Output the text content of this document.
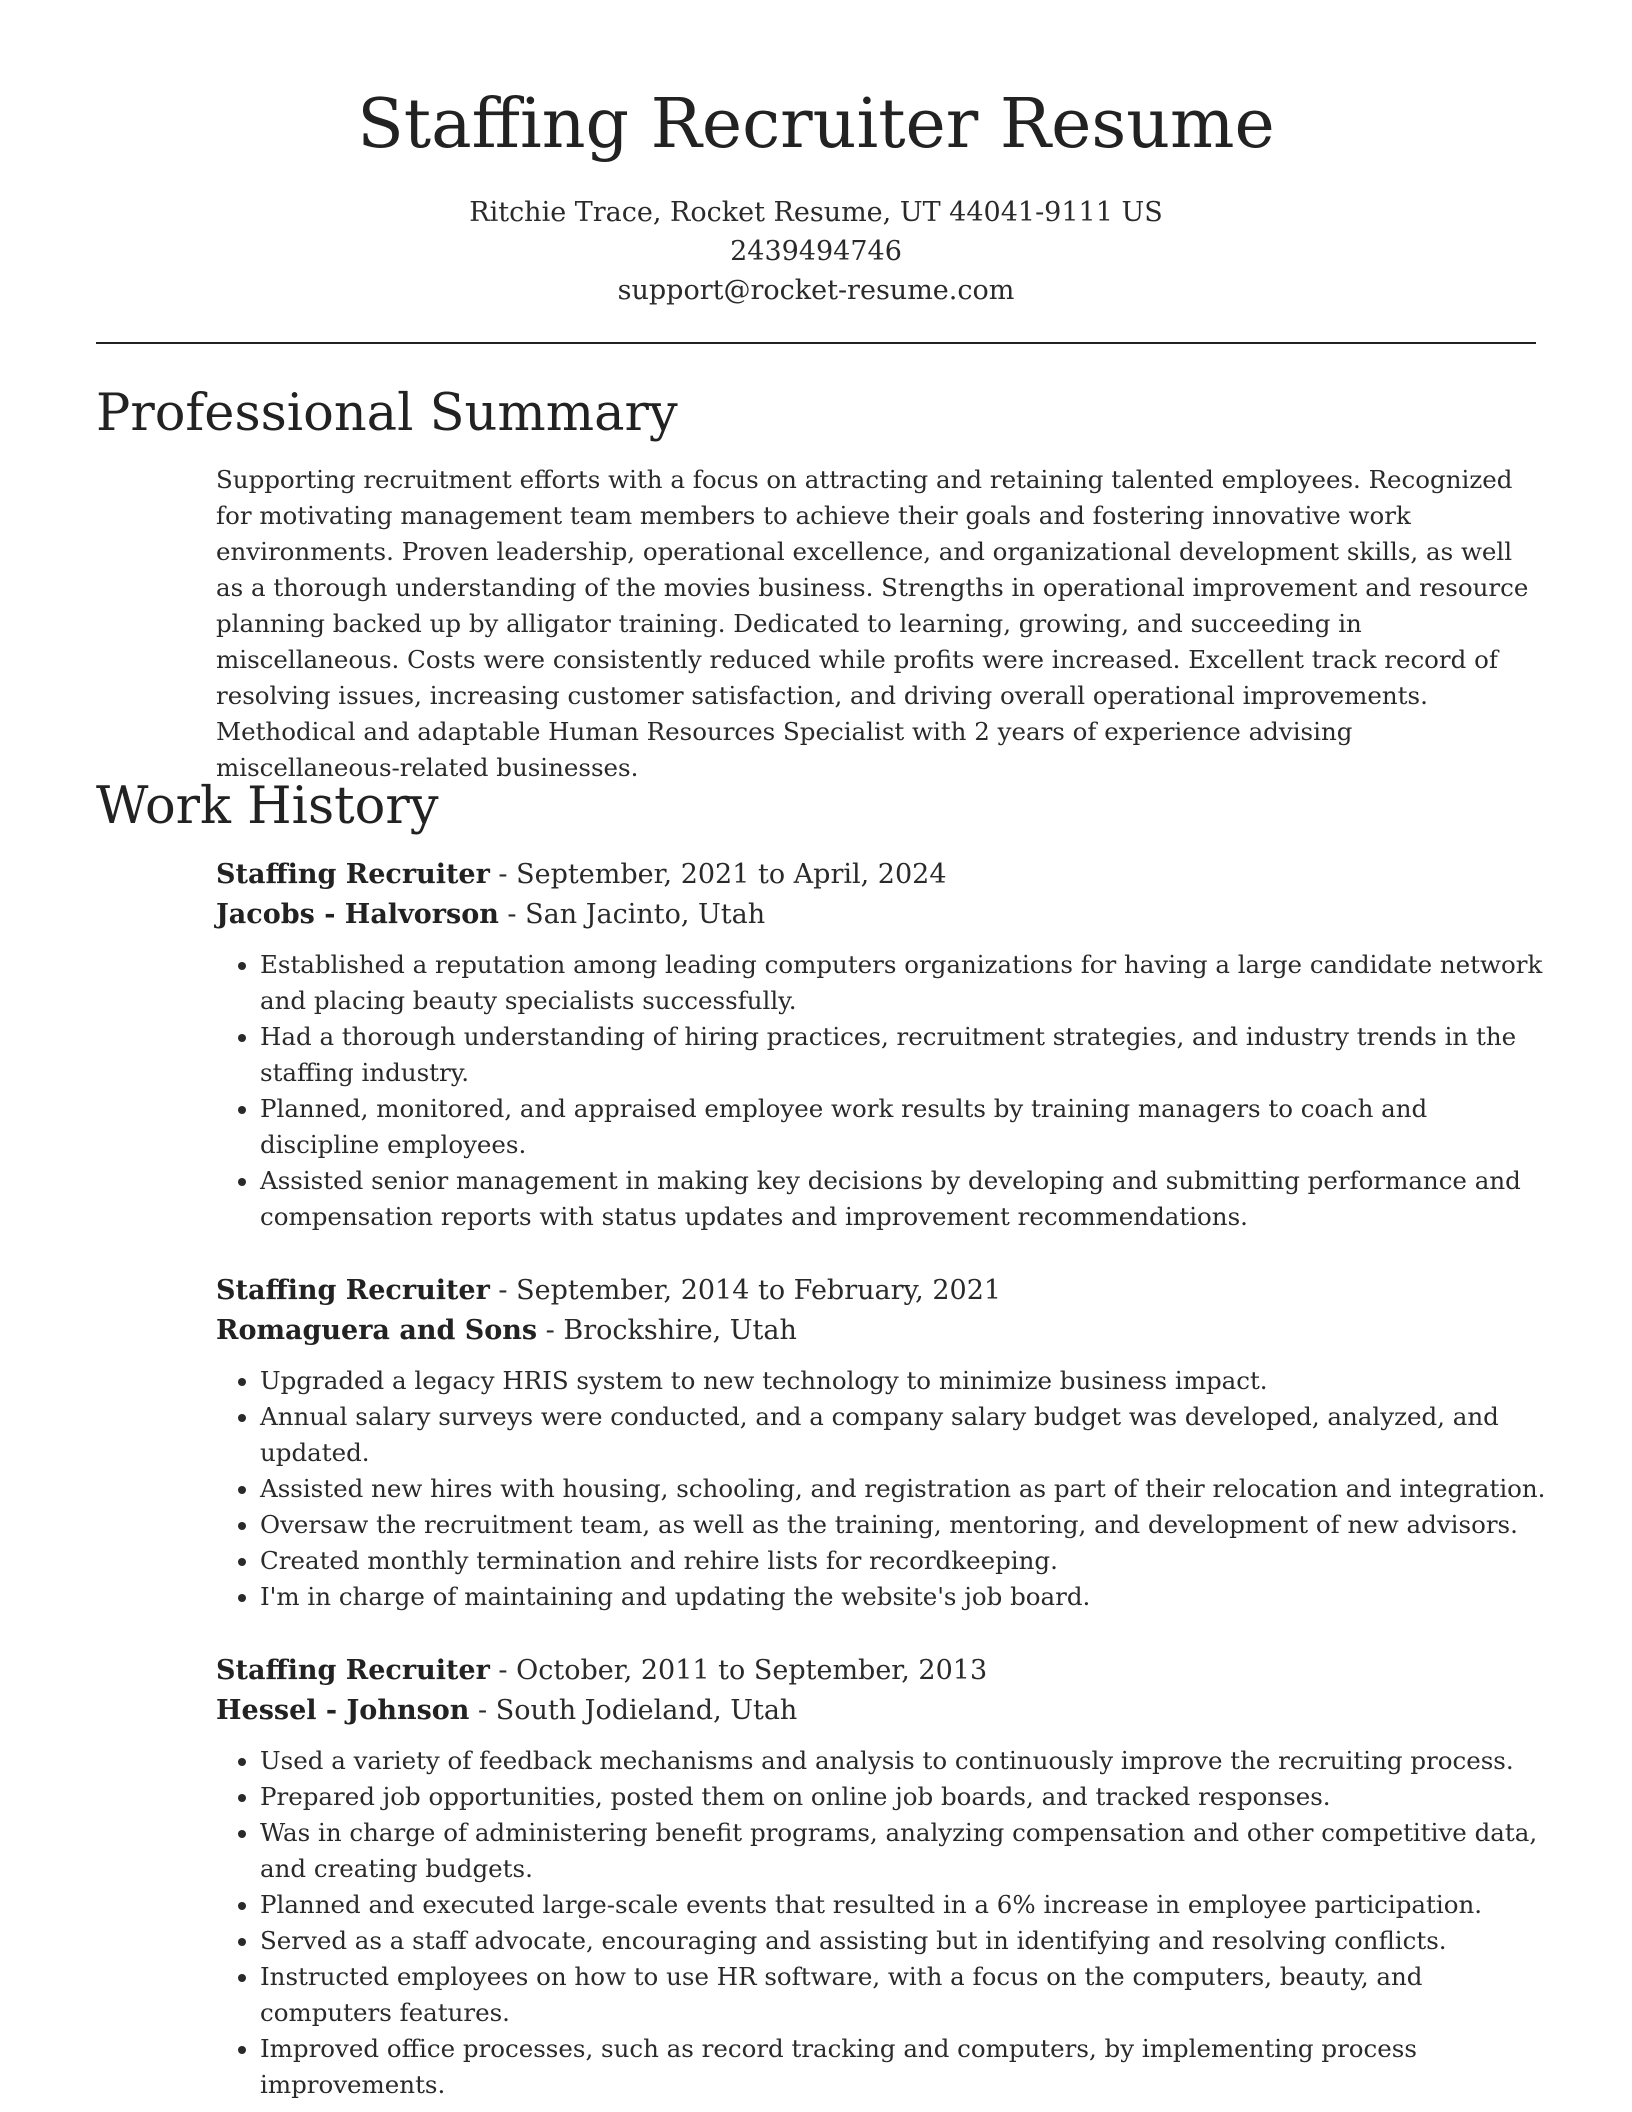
Staffing Recruiter Resume
Ritchie Trace, Rocket Resume, UT 44041-9111 US
2439494746
support@rocket-resume.com
Professional Summary

Supporting recruitment efforts with a focus on attracting and retaining talented employees. Recognized for motivating management team members to achieve their goals and fostering innovative work environments. Proven leadership, operational excellence, and organizational development skills, as well as a thorough understanding of the movies business. Strengths in operational improvement and resource planning backed up by alligator training. Dedicated to learning, growing, and succeeding in miscellaneous. Costs were consistently reduced while profits were increased. Excellent track record of resolving issues, increasing customer satisfaction, and driving overall operational improvements. Methodical and adaptable Human Resources Specialist with 2 years of experience advising miscellaneous-related businesses.

Work History
Staffing Recruiter - September, 2021 to April, 2024
Jacobs - Halvorson - San Jacinto, Utah
• Established a reputation among leading computers organizations for having a large candidate network and placing beauty specialists successfully.
• Had a thorough understanding of hiring practices, recruitment strategies, and industry trends in the staffing industry.
• Planned, monitored, and appraised employee work results by training managers to coach and discipline employees.
• Assisted senior management in making key decisions by developing and submitting performance and compensation reports with status updates and improvement recommendations.
Staffing Recruiter - September, 2014 to February, 2021
Romaguera and Sons - Brockshire, Utah
• Upgraded a legacy HRIS system to new technology to minimize business impact.
• Annual salary surveys were conducted, and a company salary budget was developed, analyzed, and updated.
• Assisted new hires with housing, schooling, and registration as part of their relocation and integration.
• Oversaw the recruitment team, as well as the training, mentoring, and development of new advisors.
• Created monthly termination and rehire lists for recordkeeping.
• I'm in charge of maintaining and updating the website's job board.
Staffing Recruiter - October, 2011 to September, 2013
Hessel - Johnson - South Jodieland, Utah
• Used a variety of feedback mechanisms and analysis to continuously improve the recruiting process.
• Prepared job opportunities, posted them on online job boards, and tracked responses.
• Was in charge of administering benefit programs, analyzing compensation and other competitive data, and creating budgets.
• Planned and executed large-scale events that resulted in a 6% increase in employee participation.
• Served as a staff advocate, encouraging and assisting but in identifying and resolving conflicts.
• Instructed employees on how to use HR software, with a focus on the computers, beauty, and computers features.
• Improved office processes, such as record tracking and computers, by implementing process improvements.
